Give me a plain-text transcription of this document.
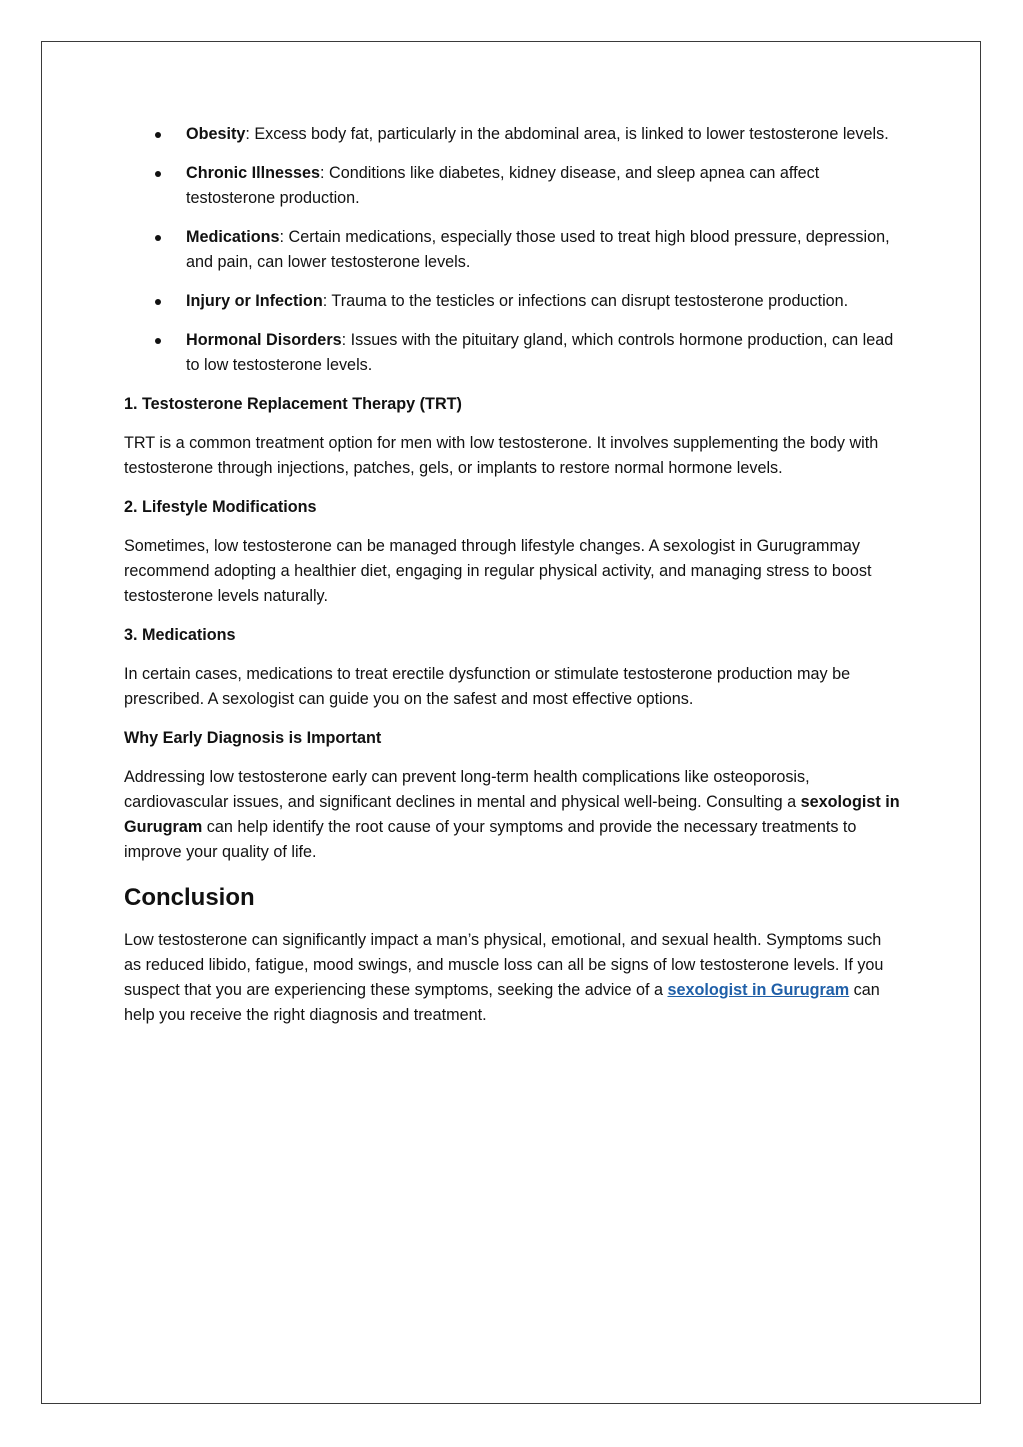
Obesity: Excess body fat, particularly in the abdominal area, is linked to lower testosterone levels.
Chronic Illnesses: Conditions like diabetes, kidney disease, and sleep apnea can affect testosterone production.
Medications: Certain medications, especially those used to treat high blood pressure, depression, and pain, can lower testosterone levels.
Injury or Infection: Trauma to the testicles or infections can disrupt testosterone production.
Hormonal Disorders: Issues with the pituitary gland, which controls hormone production, can lead to low testosterone levels.
1. Testosterone Replacement Therapy (TRT)

TRT is a common treatment option for men with low testosterone. It involves supplementing the body with testosterone through injections, patches, gels, or implants to restore normal hormone levels.

2. Lifestyle Modifications

Sometimes, low testosterone can be managed through lifestyle changes. A sexologist in Gurugrammay recommend adopting a healthier diet, engaging in regular physical activity, and managing stress to boost testosterone levels naturally.

3. Medications

In certain cases, medications to treat erectile dysfunction or stimulate testosterone production may be prescribed. A sexologist can guide you on the safest and most effective options.

Why Early Diagnosis is Important

Addressing low testosterone early can prevent long-term health complications like osteoporosis, cardiovascular issues, and significant declines in mental and physical well-being. Consulting a sexologist in Gurugram can help identify the root cause of your symptoms and provide the necessary treatments to improve your quality of life.

Conclusion

Low testosterone can significantly impact a man’s physical, emotional, and sexual health. Symptoms such as reduced libido, fatigue, mood swings, and muscle loss can all be signs of low testosterone levels. If you suspect that you are experiencing these symptoms, seeking the advice of a sexologist in Gurugram can help you receive the right diagnosis and treatment.
